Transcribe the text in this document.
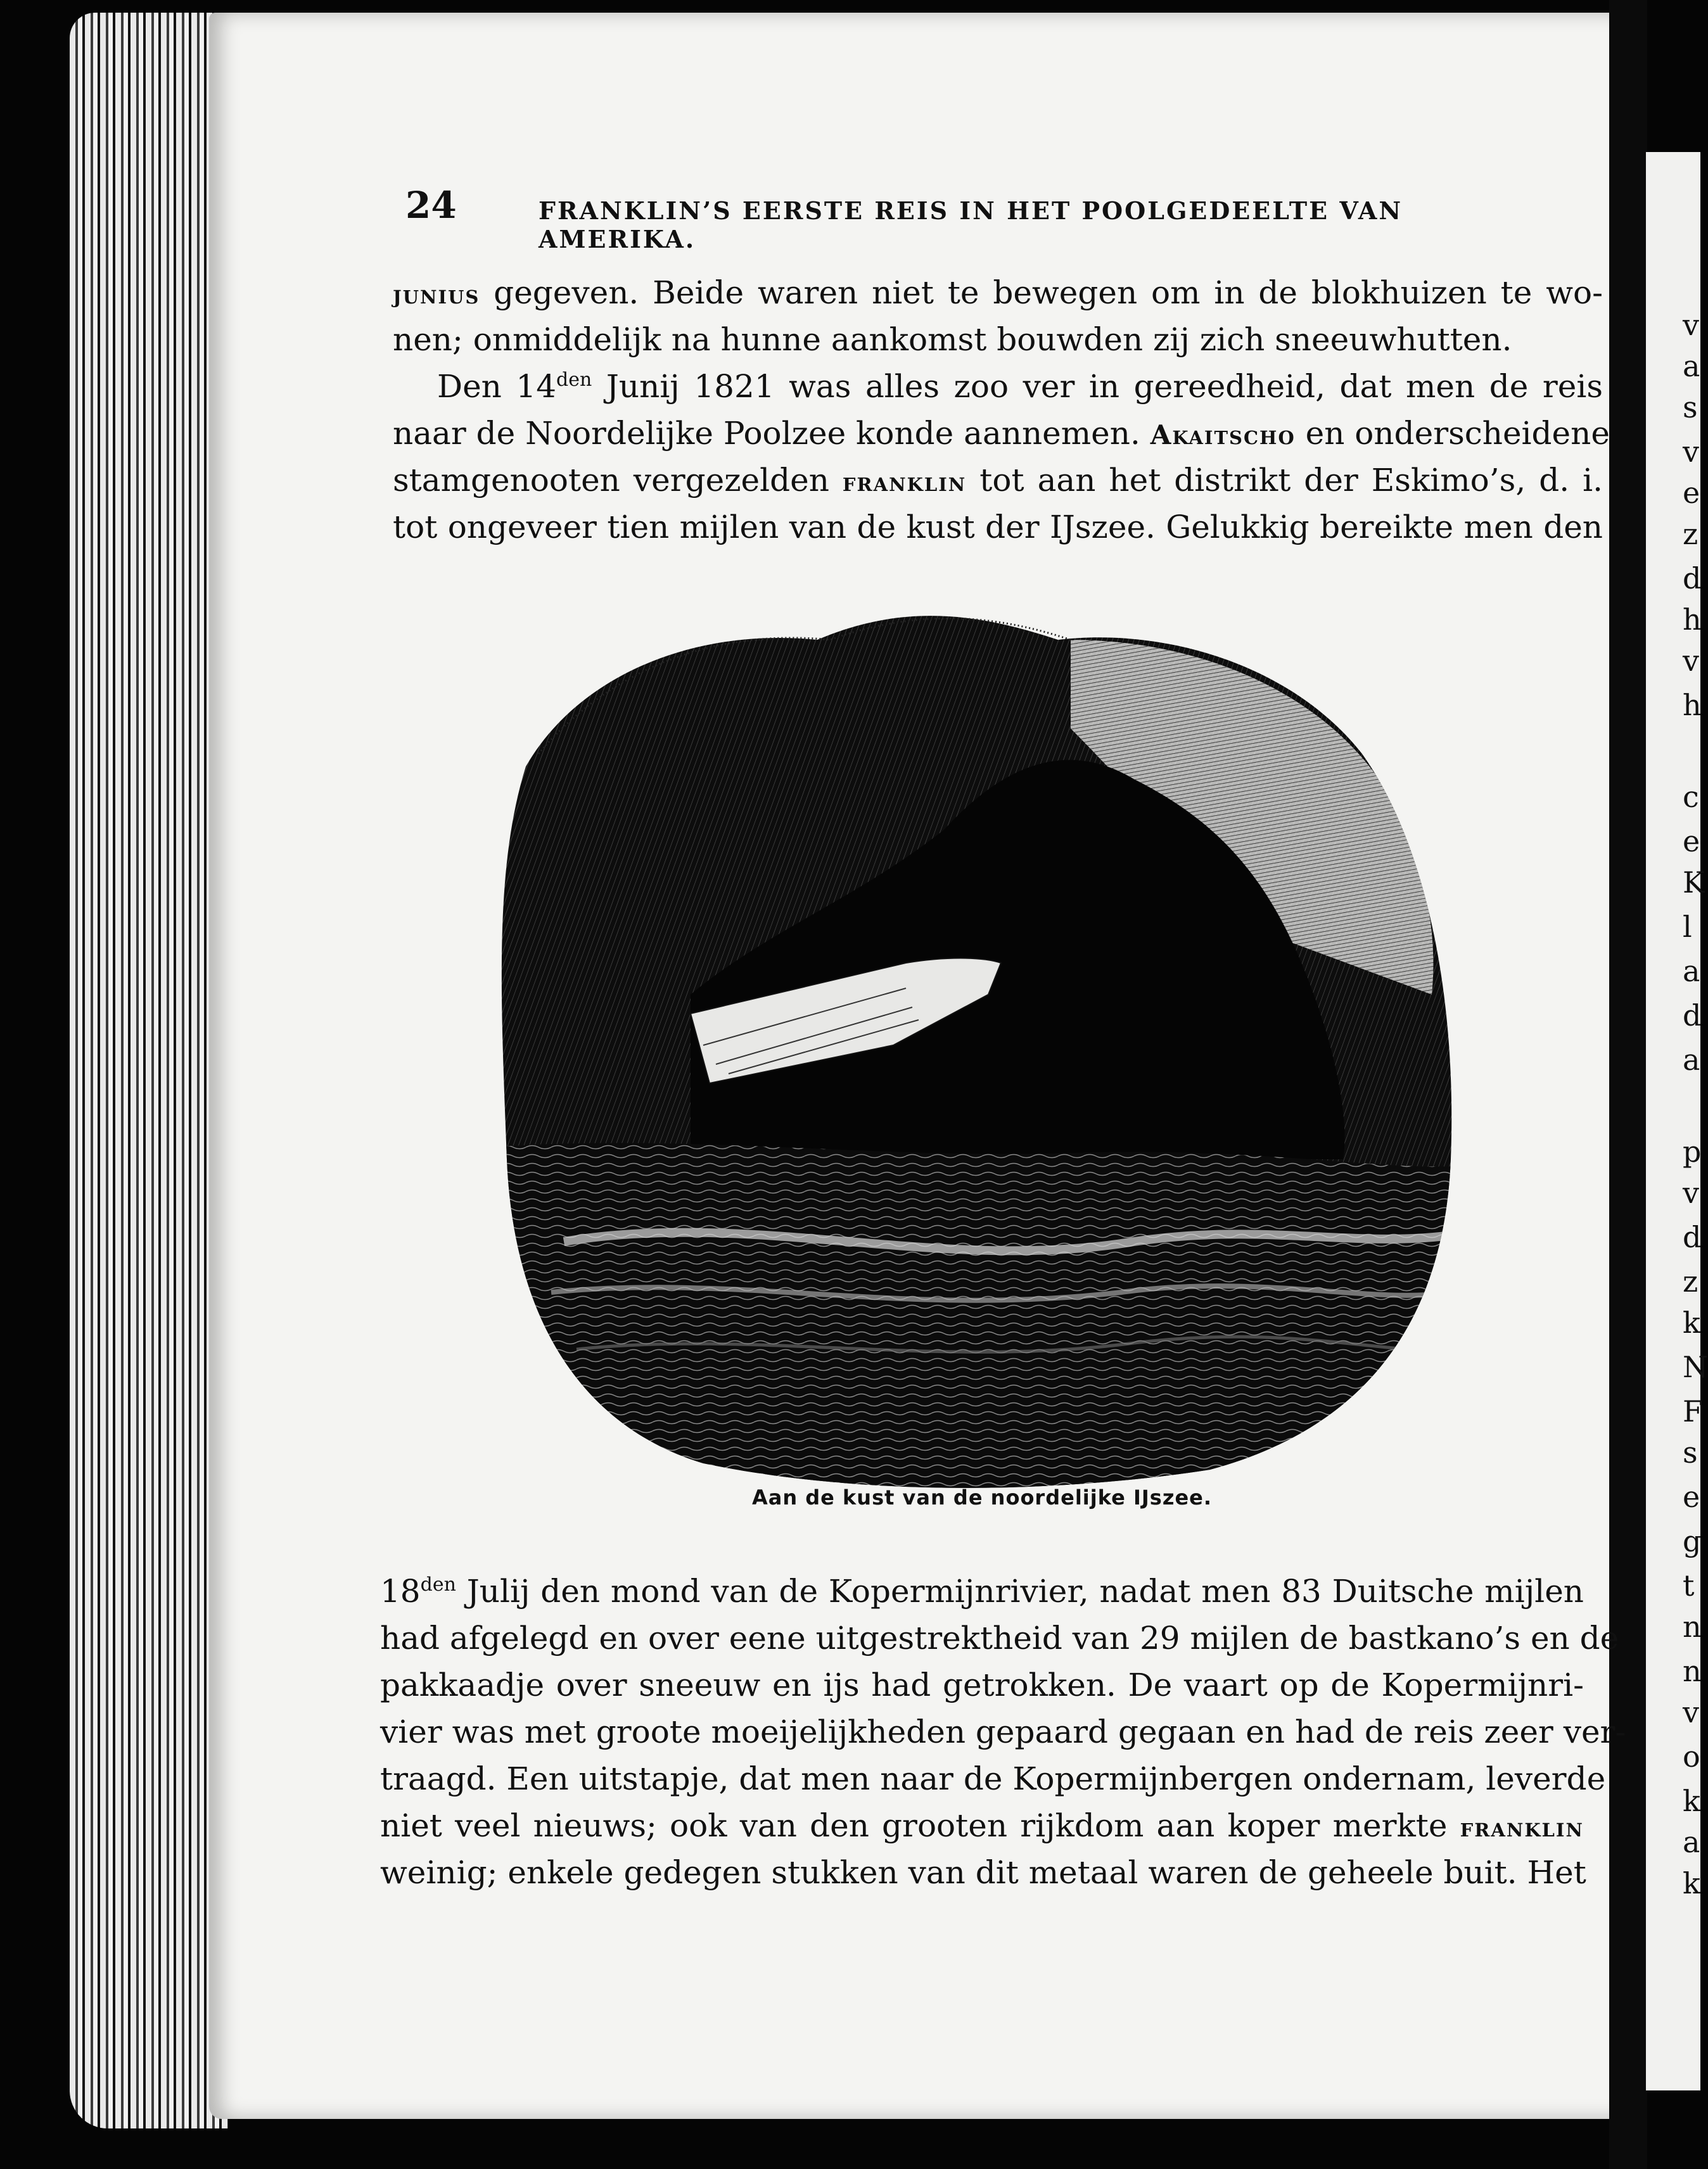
v
a
s
v
e
z
d
h
v
h
c
e
K
l
a
d
a
p
v
d
z
k
N
F
s
e
g
t
n
n
v
o
k
a
k
24	FRANKLIN’S EERSTE REIS IN HET POOLGEDEELTE VAN AMERIKA.
junius gegeven. Beide waren niet te bewegen om in de blokhuizen te wo-
nen; onmiddelijk na hunne aankomst bouwden zij zich sneeuwhutten.
Den $14^{den}$ Junij 1821 was alles zoo ver in gereedheid, dat men de reis
naar de Noordelijke Poolzee konde aannemen. Akaitscho en onderscheidene
stamgenooten vergezelden franklin tot aan het distrikt der Eskimo’s, d. i.
tot ongeveer tien mijlen van de kust der IJszee. Gelukkig bereikte men den
Aan de kust van de noordelijke IJszee.
$18^{den}$ Julij den mond van de Kopermijnrivier, nadat men 83 Duitsche mijlen
had afgelegd en over eene uitgestrektheid van 29 mijlen de bastkano’s en de
pakkaadje over sneeuw en ijs had getrokken. De vaart op de Kopermijnri-
vier was met groote moeijelijkheden gepaard gegaan en had de reis zeer ver-
traagd. Een uitstapje, dat men naar de Kopermijnbergen ondernam, leverde
niet veel nieuws; ook van den grooten rijkdom aan koper merkte franklin
weinig; enkele gedegen stukken van dit metaal waren de geheele buit. Het
